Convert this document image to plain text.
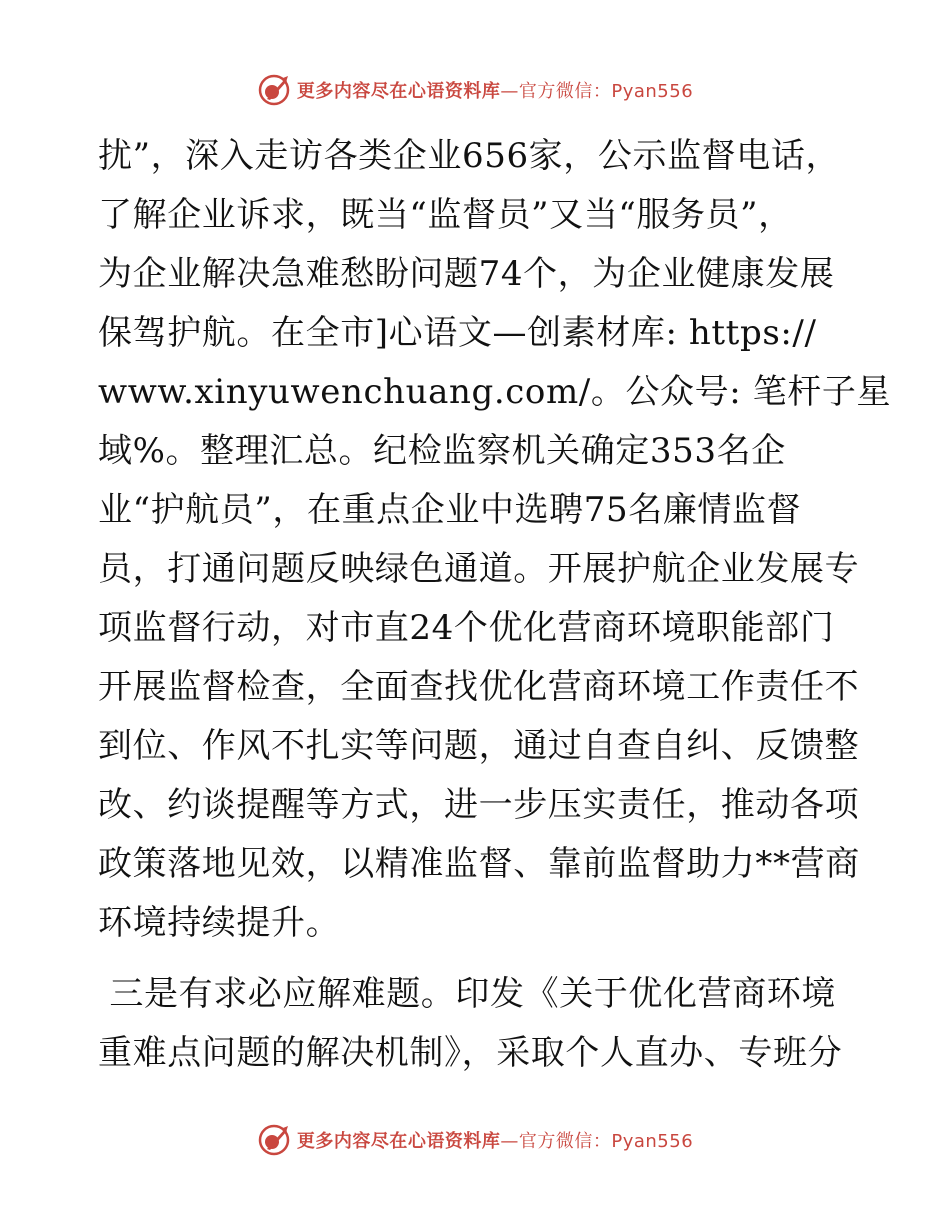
更多内容尽在心语资料库—官方微信：Pyan556
扰”，深入走访各类企业656家，公示监督电话，
了解企业诉求，既当“监督员”又当“服务员”，
为企业解决急难愁盼问题74个，为企业健康发展
保驾护航。在全市]心语文—创素材库: https://
www.xinyuwenchuang.com/。公众号: 笔杆子星
域%。整理汇总。纪检监察机关确定353名企
业“护航员”，在重点企业中选聘75名廉情监督
员，打通问题反映绿色通道。开展护航企业发展专
项监督行动，对市直24个优化营商环境职能部门
开展监督检查，全面查找优化营商环境工作责任不
到位、作风不扎实等问题，通过自查自纠、反馈整
改、约谈提醒等方式，进一步压实责任，推动各项
政策落地见效，以精准监督、靠前监督助力**营商
环境持续提升。
三是有求必应解难题。印发《关于优化营商环境
重难点问题的解决机制》，采取个人直办、专班分
更多内容尽在心语资料库—官方微信：Pyan556
